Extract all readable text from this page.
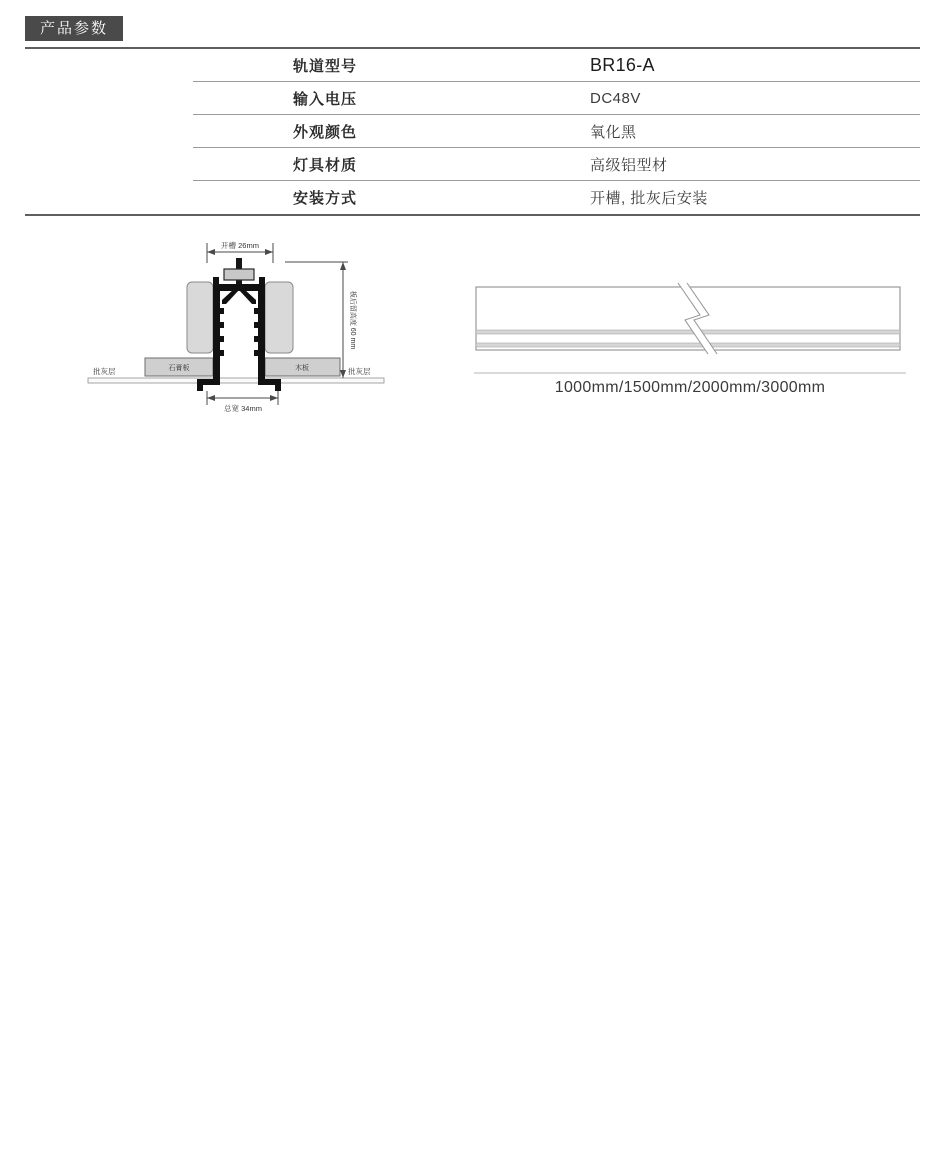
产品参数
轨道型号	BR16-A
输入电压	DC48V
外观颜色	氧化黑
灯具材质	高级铝型材
安装方式	开槽, 批灰后安装
开槽 26mm
板后留高度 60 mm
总宽 34mm
批灰层	批灰层
石膏板	木板
1000mm/1500mm/2000mm/3000mm
